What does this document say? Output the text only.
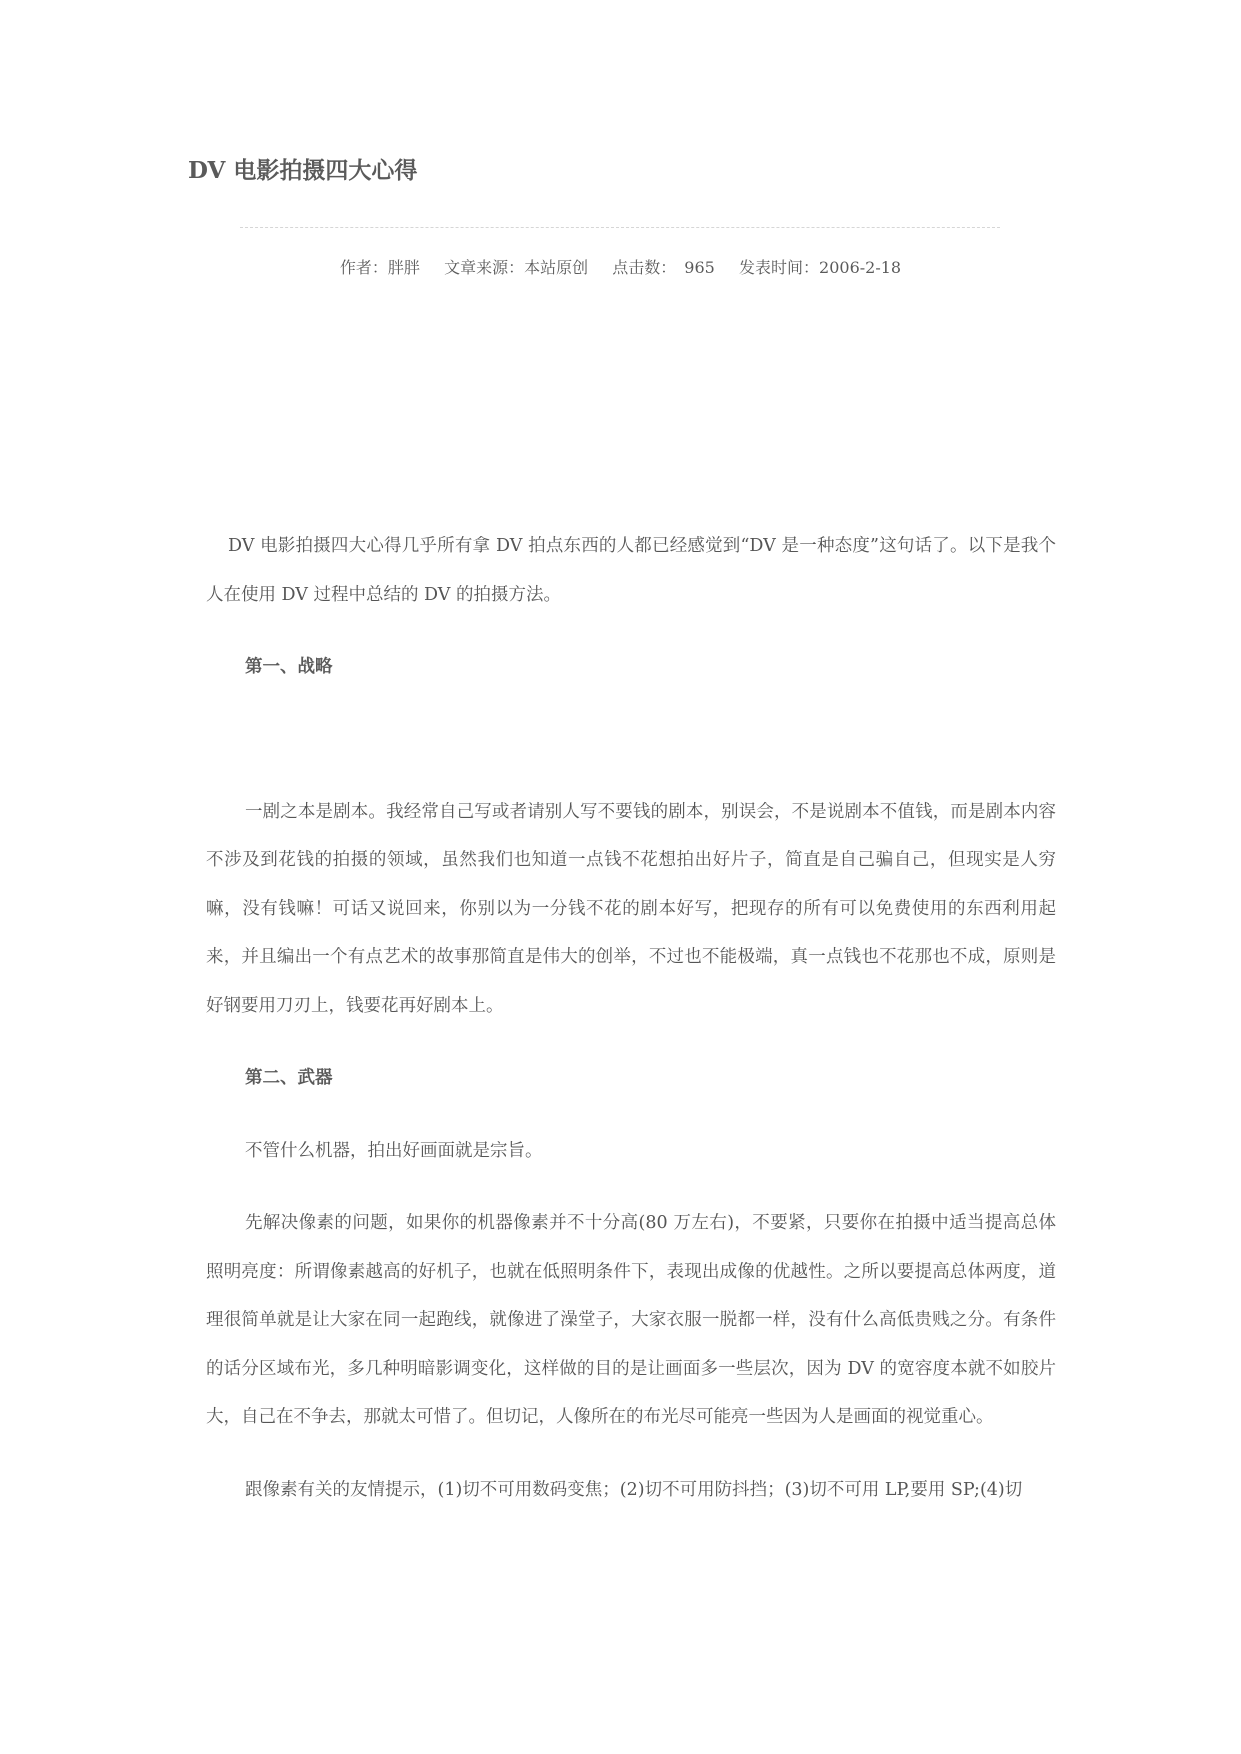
DV 电影拍摄四大心得
作者：胖胖 文章来源：本站原创 点击数：　965 发表时间：2006-2-18

DV 电影拍摄四大心得几乎所有拿 DV 拍点东西的人都已经感觉到“DV 是一种态度”这句话了。以下是我个人在使用 DV 过程中总结的 DV 的拍摄方法。

第一、战略

一剧之本是剧本。我经常自己写或者请别人写不要钱的剧本，别误会，不是说剧本不值钱，而是剧本内容不涉及到花钱的拍摄的领域，虽然我们也知道一点钱不花想拍出好片子，简直是自己骗自己，但现实是人穷嘛，没有钱嘛！可话又说回来，你别以为一分钱不花的剧本好写，把现存的所有可以免费使用的东西利用起来，并且编出一个有点艺术的故事那简直是伟大的创举，不过也不能极端，真一点钱也不花那也不成，原则是好钢要用刀刃上，钱要花再好剧本上。

第二、武器

不管什么机器，拍出好画面就是宗旨。

先解决像素的问题，如果你的机器像素并不十分高(80 万左右)，不要紧，只要你在拍摄中适当提高总体照明亮度：所谓像素越高的好机子，也就在低照明条件下，表现出成像的优越性。之所以要提高总体两度，道理很简单就是让大家在同一起跑线，就像进了澡堂子，大家衣服一脱都一样，没有什么高低贵贱之分。有条件的话分区域布光，多几种明暗影调变化，这样做的目的是让画面多一些层次，因为 DV 的宽容度本就不如胶片大，自己在不争去，那就太可惜了。但切记，人像所在的布光尽可能亮一些因为人是画面的视觉重心。

跟像素有关的友情提示，(1)切不可用数码变焦；(2)切不可用防抖挡；(3)切不可用 LP,要用 SP;(4)切
